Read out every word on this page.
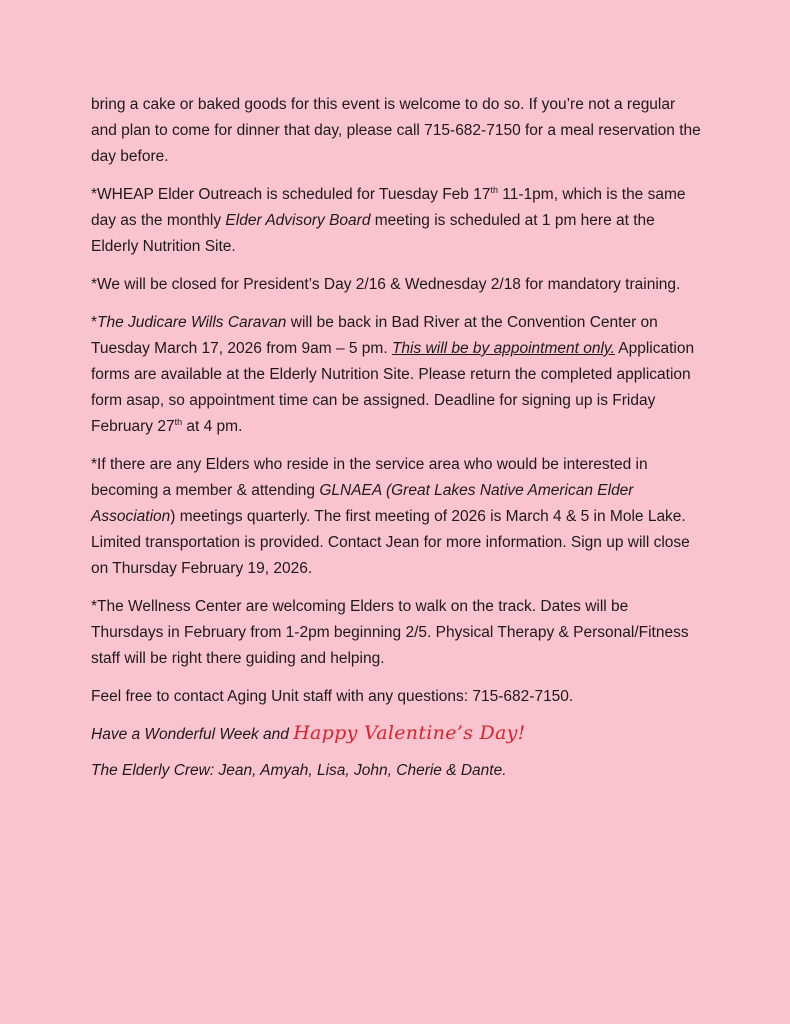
bring a cake or baked goods for this event is welcome to do so. If you’re not a regular and plan to come for dinner that day, please call 715-682-7150 for a meal reservation the day before.

*WHEAP Elder Outreach is scheduled for Tuesday Feb 17th 11-1pm, which is the same day as the monthly Elder Advisory Board meeting is scheduled at 1 pm here at the Elderly Nutrition Site.

*We will be closed for President’s Day 2/16 & Wednesday 2/18 for mandatory training.

*The Judicare Wills Caravan will be back in Bad River at the Convention Center on Tuesday March 17, 2026 from 9am – 5 pm. This will be by appointment only. Application forms are available at the Elderly Nutrition Site. Please return the completed application form asap, so appointment time can be assigned. Deadline for signing up is Friday February 27th at 4 pm.

*If there are any Elders who reside in the service area who would be interested in becoming a member & attending GLNAEA (Great Lakes Native American Elder Association) meetings quarterly. The first meeting of 2026 is March 4 & 5 in Mole Lake. Limited transportation is provided. Contact Jean for more information. Sign up will close on Thursday February 19, 2026.

*The Wellness Center are welcoming Elders to walk on the track. Dates will be Thursdays in February from 1-2pm beginning 2/5. Physical Therapy & Personal/Fitness staff will be right there guiding and helping.

Feel free to contact Aging Unit staff with any questions: 715-682-7150.

Have a Wonderful Week and Happy Valentine’s Day!

The Elderly Crew: Jean, Amyah, Lisa, John, Cherie & Dante.
